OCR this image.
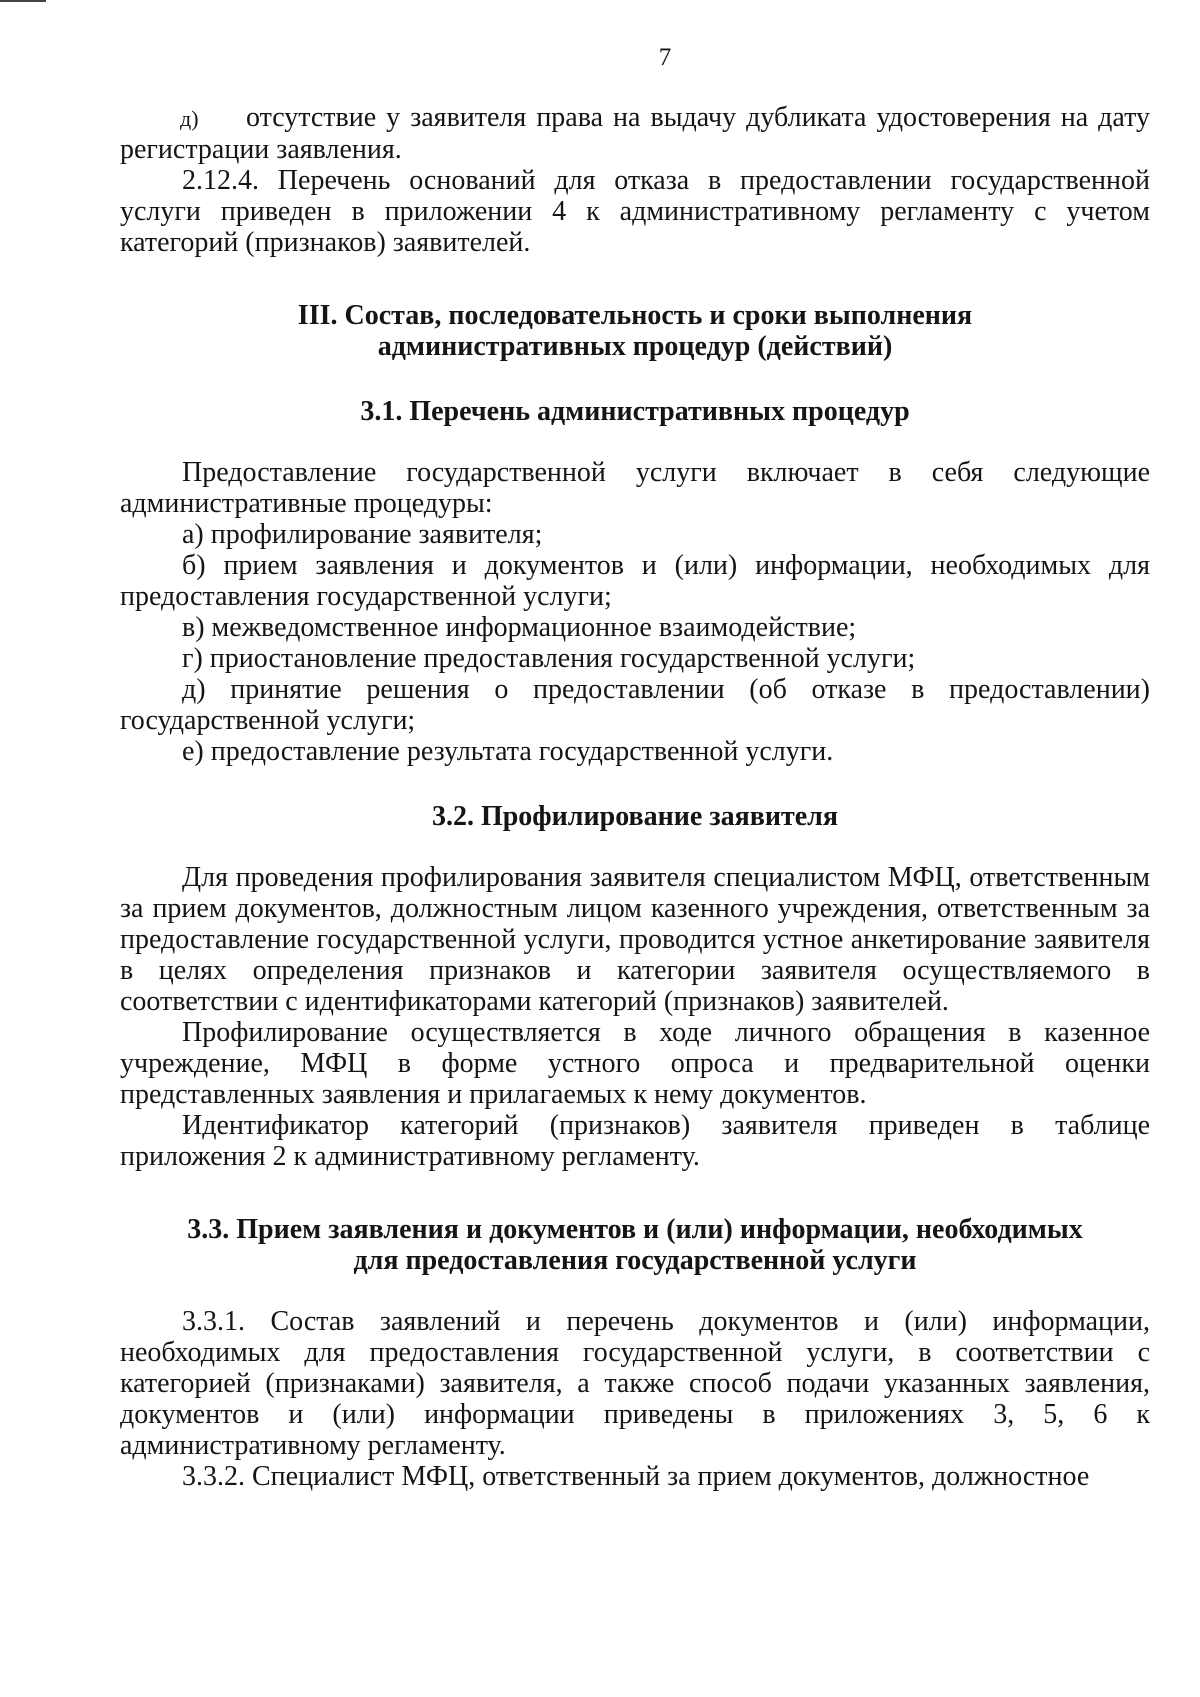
7

д) отсутствие у заявителя права на выдачу дубликата удостоверения на дату регистрации заявления.

2.12.4. Перечень оснований для отказа в предоставлении государственной услуги приведен в приложении 4 к административному регламенту с учетом категорий (признаков) заявителей.

III. Состав, последовательность и сроки выполнения
административных процедур (действий)
3.1. Перечень административных процедур

Предоставление государственной услуги включает в себя следующие административные процедуры:

а) профилирование заявителя;

б) прием заявления и документов и (или) информации, необходимых для предоставления государственной услуги;

в) межведомственное информационное взаимодействие;

г) приостановление предоставления государственной услуги;

д) принятие решения о предоставлении (об отказе в предоставлении) государственной услуги;

е) предоставление результата государственной услуги.

3.2. Профилирование заявителя

Для проведения профилирования заявителя специалистом МФЦ, ответственным за прием документов, должностным лицом казенного учреждения, ответственным за предоставление государственной услуги, проводится устное анкетирование заявителя в целях определения признаков и категории заявителя осуществляемого в соответствии с идентификаторами категорий (признаков) заявителей.

Профилирование осуществляется в ходе личного обращения в казенное учреждение, МФЦ в форме устного опроса и предварительной оценки представленных заявления и прилагаемых к нему документов.

Идентификатор категорий (признаков) заявителя приведен в таблице приложения 2 к административному регламенту.

3.3. Прием заявления и документов и (или) информации, необходимых
для предоставления государственной услуги

3.3.1. Состав заявлений и перечень документов и (или) информации, необходимых для предоставления государственной услуги, в соответствии с категорией (признаками) заявителя, а также способ подачи указанных заявления, документов и (или) информации приведены в приложениях 3, 5, 6 к административному регламенту.

3.3.2. Специалист МФЦ, ответственный за прием документов, должностное
